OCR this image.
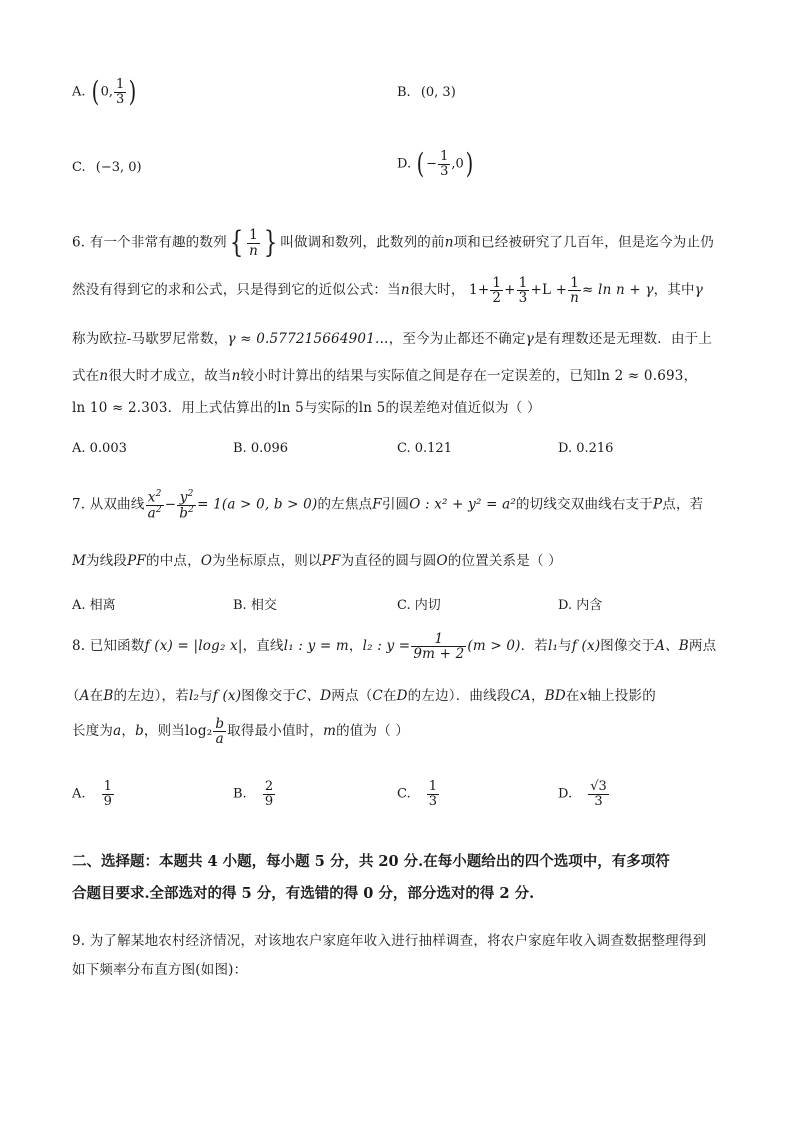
A. ( 0, $\frac{1}{3}$ )	B. (0, 3)
C. (−3, 0)	D. ( − $\frac{1}{3} ,0$)
6. 有一个非常有趣的数列{ $\frac{1}{n}$ } 叫做调和数列，此数列的前n项和已经被研究了几百年，但是迄今为止仍
然没有得到它的求和公式，只是得到它的近似公式：当n很大时， $1+ \frac{1}{2} + \frac{1}{3} +L + \frac{1}{n} \approx \ln n + \gamma$，其中γ
称为欧拉-马歇罗尼常数，γ ≈ 0.577215664901…，至今为止都还不确定γ是有理数还是无理数．由于上
式在n很大时才成立，故当n较小时计算出的结果与实际值之间是存在一定误差的，已知ln 2 ≈ 0.693，
ln 10 ≈ 2.303．用上式估算出的ln 5与实际的ln 5的误差绝对值近似为（ ）
A. 0.003	B. 0.096	C. 0.121	D. 0.216
7. 从双曲线 $\frac{x^2}{a^2} - \frac{y^2}{b^2} = 1(a > 0$, b > 0)的左焦点F引圆O : x² + y² = a²的切线交双曲线右支于P点，若
M为线段PF的中点，O为坐标原点，则以PF为直径的圆与圆O的位置关系是（ ）
A. 相离	B. 相交	C. 内切	D. 内含
8. 已知函数f (x) = |log₂ x|，直线l₁ : y = m，l₂ : $y = \frac{1}{9m + 2} (m > 0)$．若l₁与f (x)图像交于A、B两点
（A在B的左边），若l₂与f (x)图像交于C、D两点（C在D的左边）．曲线段CA，BD在x轴上投影的
长度为a，b，则当$\log_2 \frac{b}{a}$ 取得最小值时，m的值为（ ）
A. $\frac{1}{9}$	B. $\frac{2}{9}$	C. $\frac{1}{3}$	D. $\frac{√3}{3}$
二、选择题：本题共 4 小题，每小题 5 分，共 20 分.在每小题给出的四个选项中，有多项符
合题目要求.全部选对的得 5 分，有选错的得 0 分，部分选对的得 2 分.
9. 为了解某地农村经济情况，对该地农户家庭年收入进行抽样调查，将农户家庭年收入调查数据整理得到
如下频率分布直方图(如图)：
